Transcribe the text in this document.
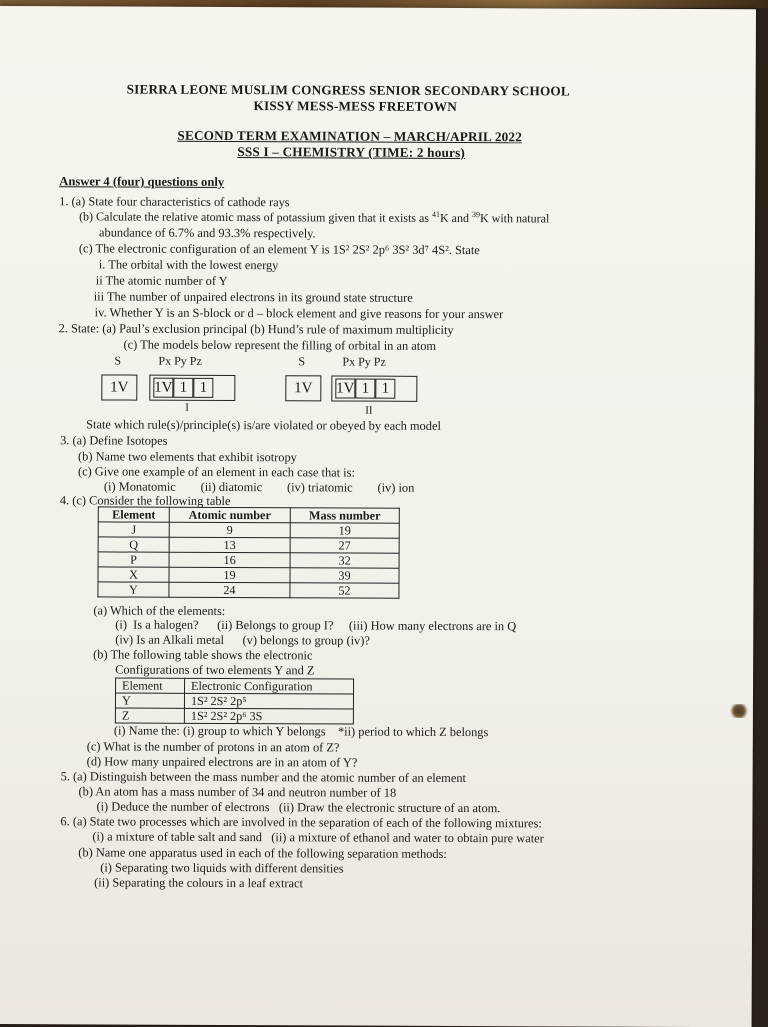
SIERRA LEONE MUSLIM CONGRESS SENIOR SECONDARY SCHOOL
KISSY MESS-MESS FREETOWN
SECOND TERM EXAMINATION – MARCH/APRIL 2022
SSS I – CHEMISTRY (TIME: 2 hours)
Answer 4 (four) questions only
1. (a) State four characteristics of cathode rays
(b) Calculate the relative atomic mass of potassium given that it exists as $^{41}$K and $^{39}$K with natural
abundance of 6.7% and 93.3% respectively.
(c) The electronic configuration of an element Y is 1S² 2S² 2p⁶ 3S² 3d⁷ 4S². State
i. The orbital with the lowest energy
ii The atomic number of Y
iii The number of unpaired electrons in its ground state structure
iv. Whether Y is an S-block or d – block element and give reasons for your answer
2. State: (a) Paul’s exclusion principal (b) Hund’s rule of maximum multiplicity
(c) The models below represent the filling of orbital in an atom
S	Px Py Pz	S	Px Py Pz
1V	1V 1 1
I
1V	1V 1 1
II
State which rule(s)/principle(s) is/are violated or obeyed by each model
3. (a) Define Isotopes
(b) Name two elements that exhibit isotropy
(c) Give one example of an element in each case that is:
(i) Monatomic        (ii) diatomic        (iv) triatomic        (iv) ion
4. (c) Consider the following table
Element	Atomic number	Mass number
J	9	19
Q	13	27
P	16	32
X	19	39
Y	24	52
(a) Which of the elements:
(i)  Is a halogen?      (ii) Belongs to group I?     (iii) How many electrons are in Q
(iv) Is an Alkali metal      (v) belongs to group (iv)?
(b) The following table shows the electronic
Configurations of two elements Y and Z
Element	Electronic Configuration
Y	1S² 2S² 2p⁵
Z	1S² 2S² 2p⁶ 3S
(i) Name the: (i) group to which Y belongs    *ii) period to which Z belongs
(c) What is the number of protons in an atom of Z?
(d) How many unpaired electrons are in an atom of Y?
5. (a) Distinguish between the mass number and the atomic number of an element
(b) An atom has a mass number of 34 and neutron number of 18
(i) Deduce the number of electrons   (ii) Draw the electronic structure of an atom.
6. (a) State two processes which are involved in the separation of each of the following mixtures:
(i) a mixture of table salt and sand   (ii) a mixture of ethanol and water to obtain pure water
(b) Name one apparatus used in each of the following separation methods:
(i) Separating two liquids with different densities
(ii) Separating the colours in a leaf extract
